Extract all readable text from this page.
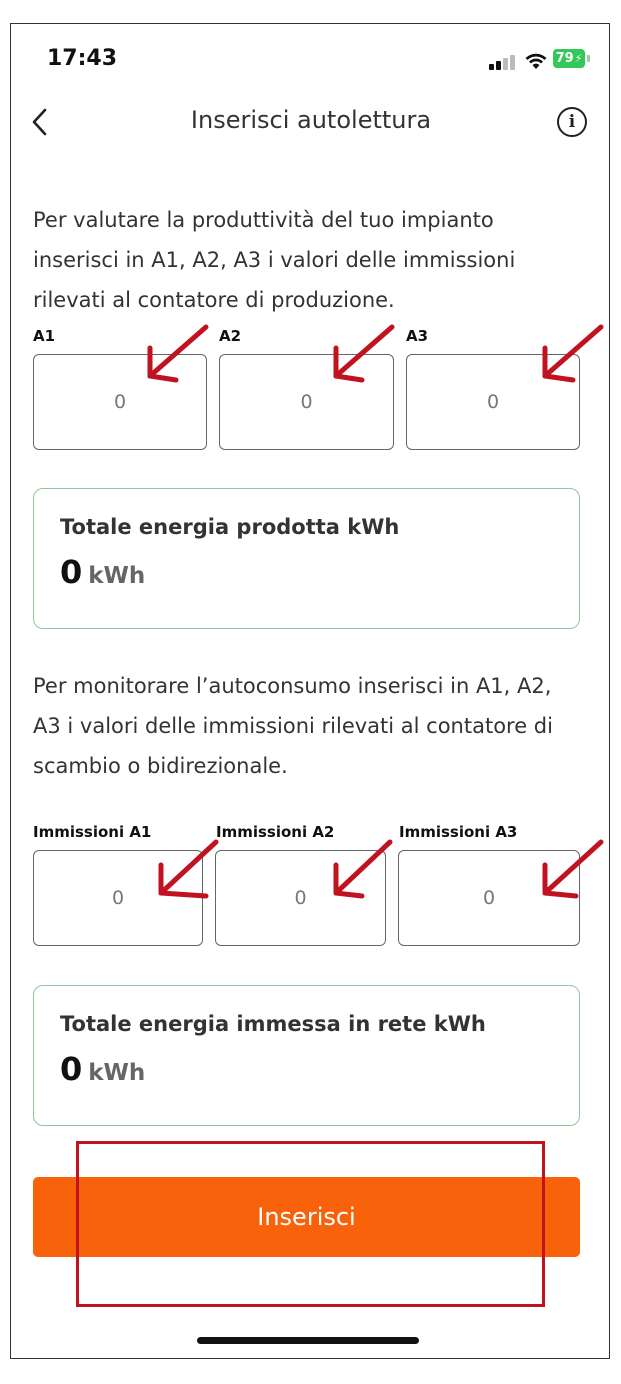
17:43	79 ⚡
Inserisci autolettura	i
Per valutare la produttività del tuo impianto inserisci in A1, A2, A3 i valori delle immissioni rilevati al contatore di produzione.
A1	A2	A3
0	0	0
Totale energia prodotta kWh
0 kWh
Per monitorare l’autoconsumo inserisci in A1, A2, A3 i valori delle immissioni rilevati al contatore di scambio o bidirezionale.
Immissioni A1	Immissioni A2	Immissioni A3
0	0	0
Totale energia immessa in rete kWh
0 kWh
Inserisci
